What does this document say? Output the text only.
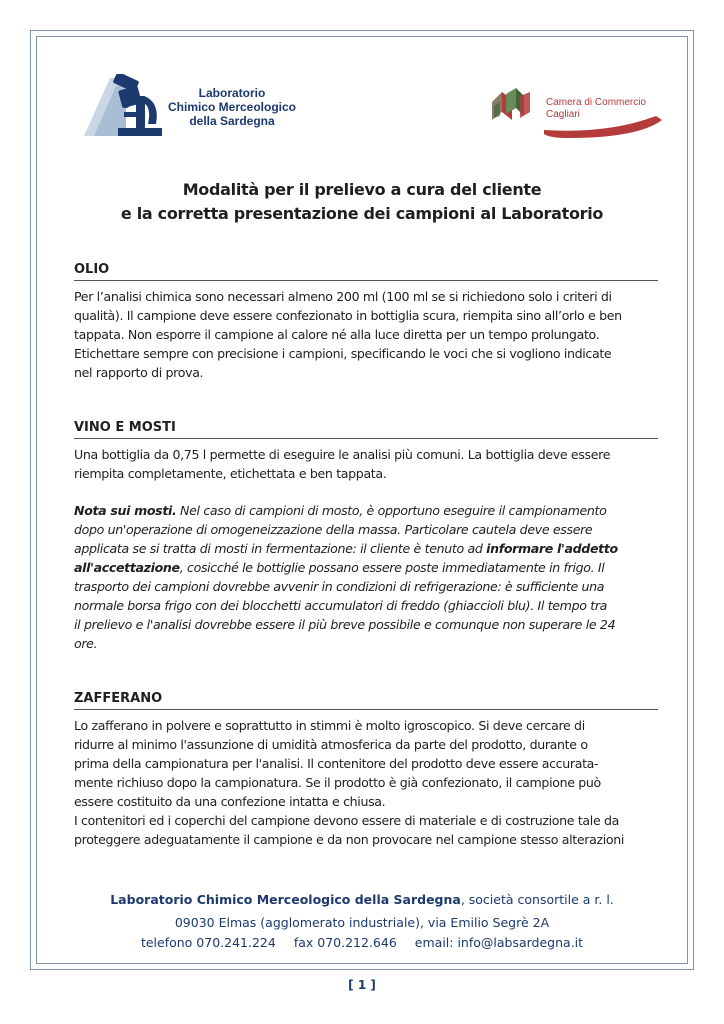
Laboratorio
Chimico Merceologico
della Sardegna
Camera di Commercio
Cagliari
Modalità per il prelievo a cura del cliente
e la corretta presentazione dei campioni al Laboratorio
OLIO

Per l’analisi chimica sono necessari almeno 200 ml (100 ml se si richiedono solo i criteri di
qualità). Il campione deve essere confezionato in bottiglia scura, riempita sino all’orlo e ben
tappata. Non esporre il campione al calore né alla luce diretta per un tempo prolungato.
Etichettare sempre con precisione i campioni, specificando le voci che si vogliono indicate
nel rapporto di prova.

VINO E MOSTI

Una bottiglia da 0,75 l permette di eseguire le analisi più comuni. La bottiglia deve essere
riempita completamente, etichettata e ben tappata.

Nota sui mosti. Nel caso di campioni di mosto, è opportuno eseguire il campionamento
dopo un'operazione di omogeneizzazione della massa. Particolare cautela deve essere
applicata se si tratta di mosti in fermentazione: il cliente è tenuto ad informare l'addetto
all'accettazione, cosicché le bottiglie possano essere poste immediatamente in frigo. Il
trasporto dei campioni dovrebbe avvenir in condizioni di refrigerazione: è sufficiente una
normale borsa frigo con dei blocchetti accumulatori di freddo (ghiaccioli blu). Il tempo tra
il prelievo e l'analisi dovrebbe essere il più breve possibile e comunque non superare le 24
ore.

ZAFFERANO

Lo zafferano in polvere e soprattutto in stimmi è molto igroscopico. Si deve cercare di
ridurre al minimo l'assunzione di umidità atmosferica da parte del prodotto, durante o
prima della campionatura per l'analisi. Il contenitore del prodotto deve essere accurata-
mente richiuso dopo la campionatura. Se il prodotto è già confezionato, il campione può
essere costituito da una confezione intatta e chiusa.
I contenitori ed i coperchi del campione devono essere di materiale e di costruzione tale da
proteggere adeguatamente il campione e da non provocare nel campione stesso alterazioni

Laboratorio Chimico Merceologico della Sardegna, società consortile a r. l.
09030 Elmas (agglomerato industriale), via Emilio Segrè 2A
telefono 070.241.224 fax 070.212.646 email: info@labsardegna.it
[ 1 ]
